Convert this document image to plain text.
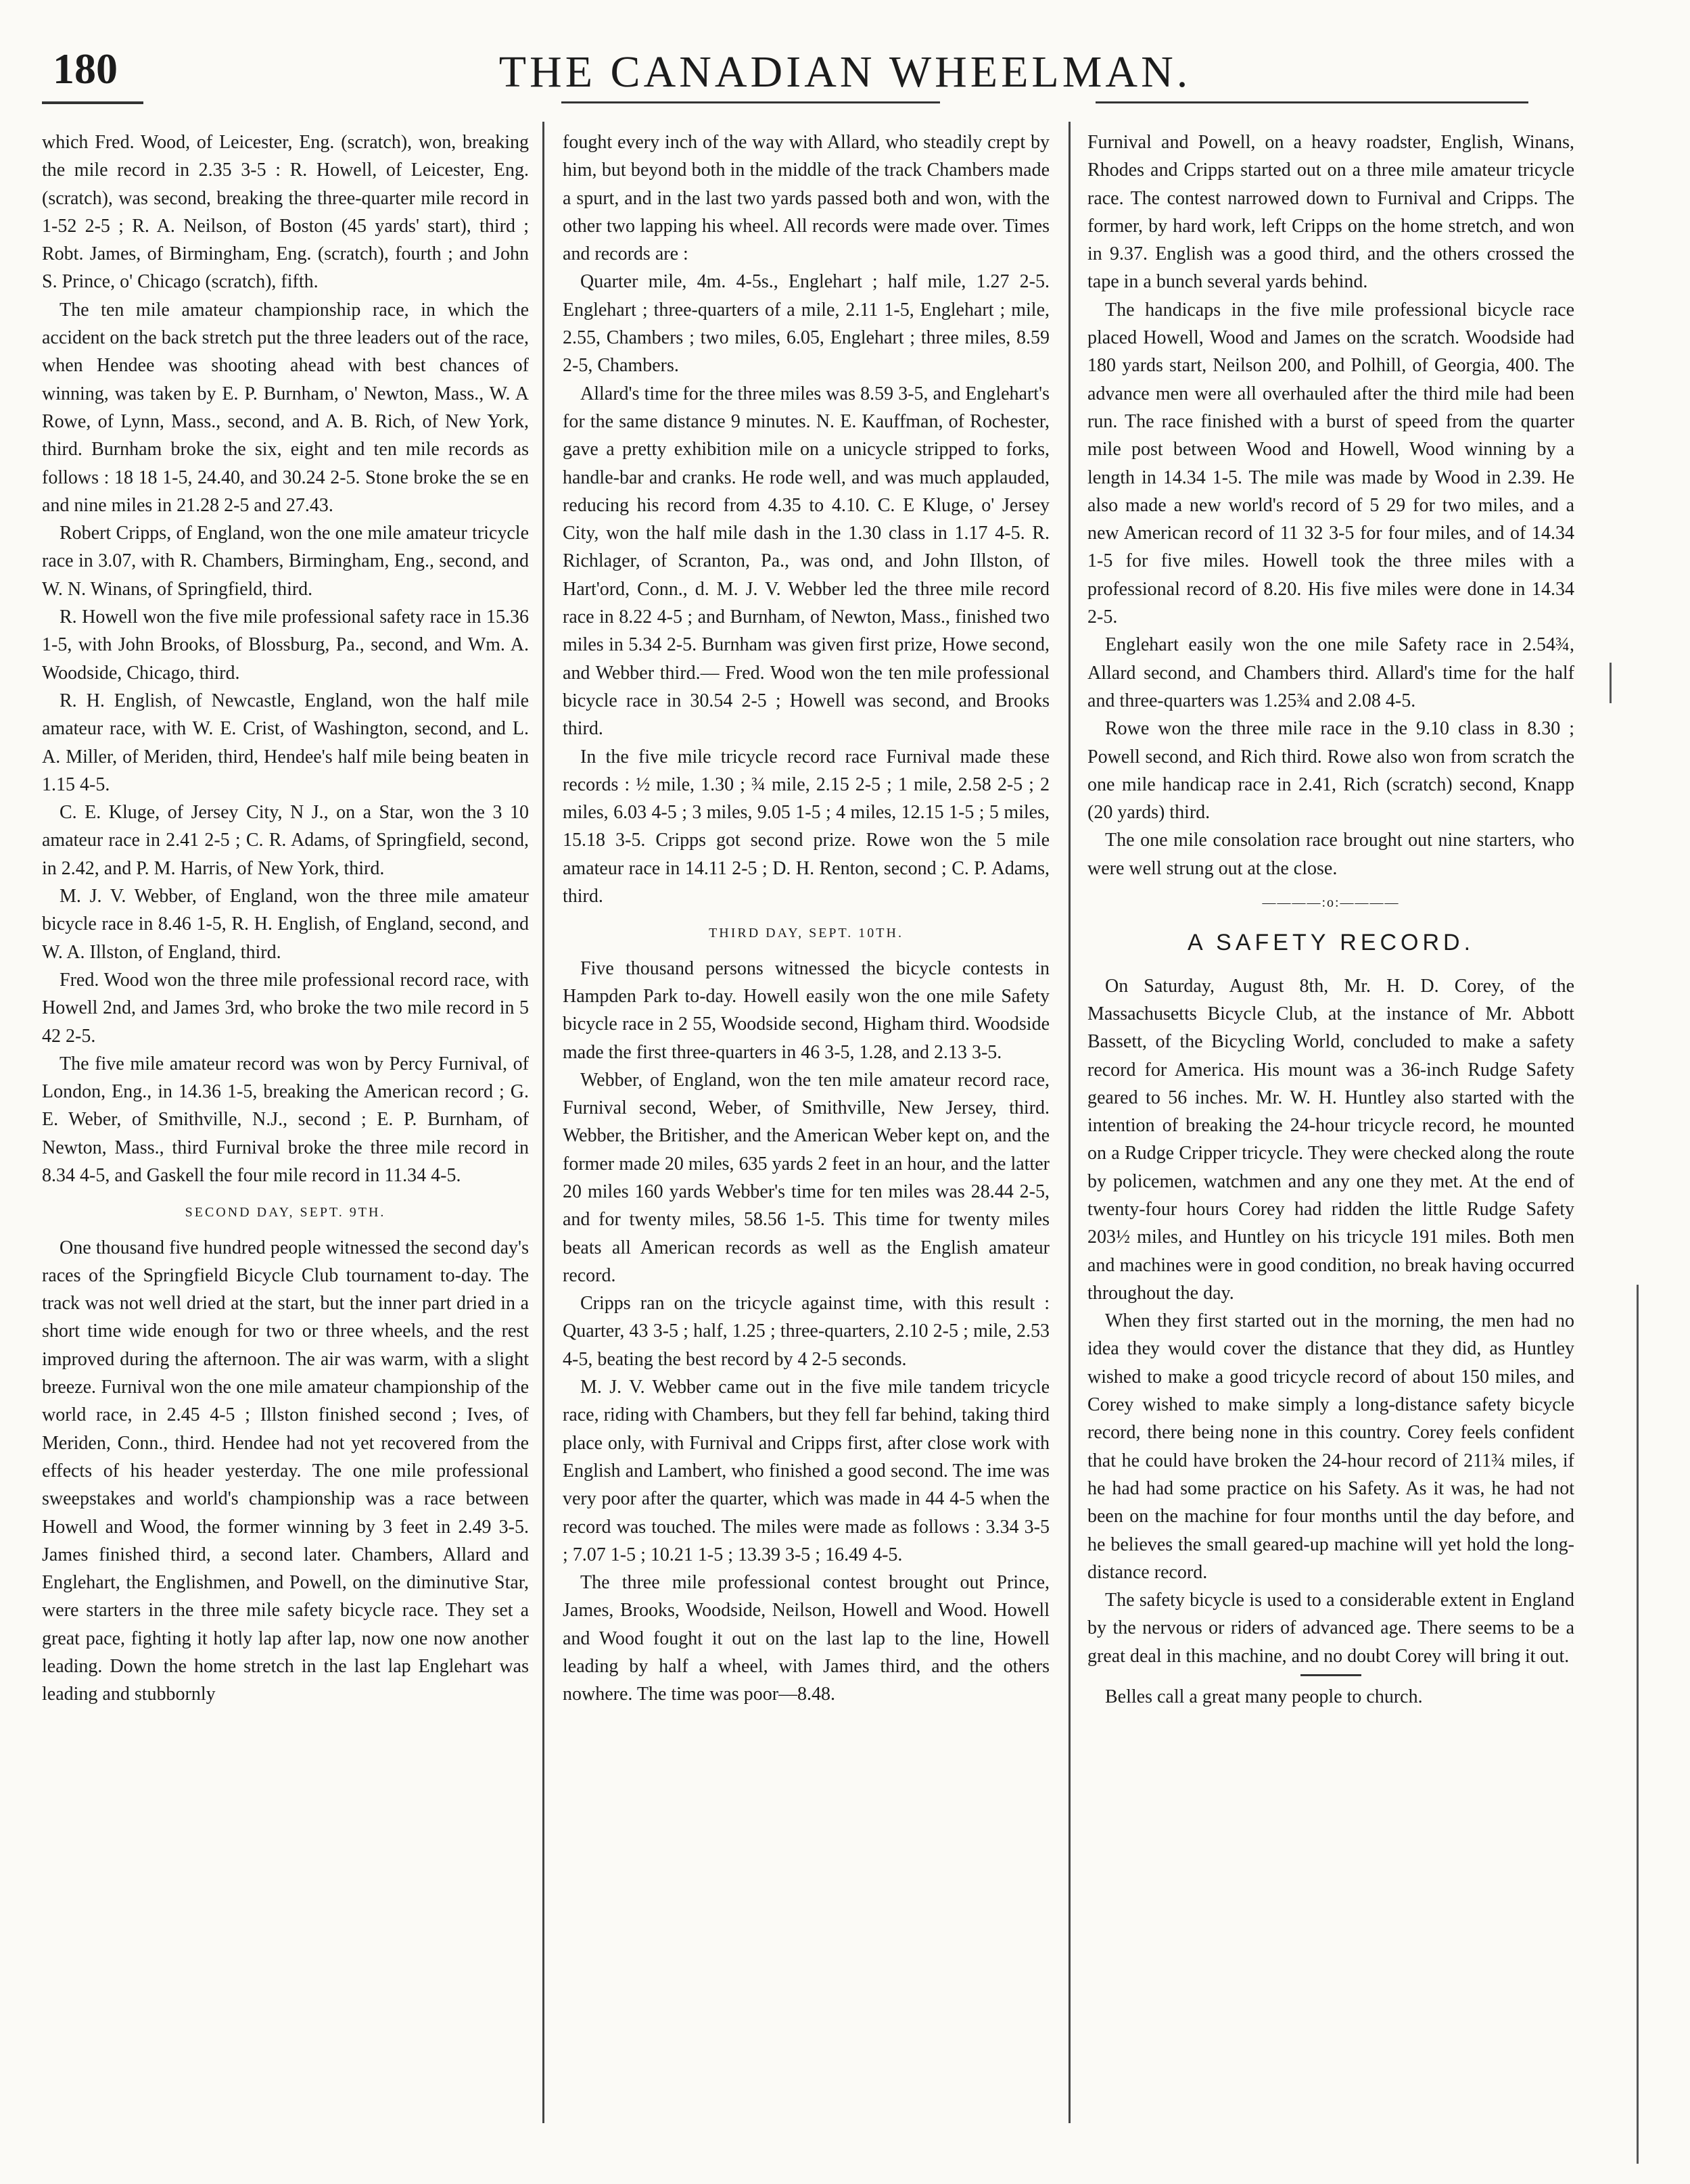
180	THE CANADIAN WHEELMAN.

which Fred. Wood, of Leicester, Eng. (scratch), won, breaking the mile record in 2.35 3-5 : R. Howell, of Leicester, Eng. (scratch), was second, breaking the three-quarter mile record in 1-52 2-5 ; R. A. Neilson, of Boston (45 yards' start), third ; Robt. James, of Birmingham, Eng. (scratch), fourth ; and John S. Prince, o' Chicago (scratch), fifth.

The ten mile amateur championship race, in which the accident on the back stretch put the three leaders out of the race, when Hendee was shooting ahead with best chances of winning, was taken by E. P. Burnham, o' Newton, Mass., W. A Rowe, of Lynn, Mass., second, and A. B. Rich, of New York, third. Burnham broke the six, eight and ten mile records as follows : 18 18 1-5, 24.40, and 30.24 2-5. Stone broke the se en and nine miles in 21.28 2-5 and 27.43.

Robert Cripps, of England, won the one mile amateur tricycle race in 3.07, with R. Chambers, Birmingham, Eng., second, and W. N. Winans, of Springfield, third.

R. Howell won the five mile professional safety race in 15.36 1-5, with John Brooks, of Blossburg, Pa., second, and Wm. A. Woodside, Chicago, third.

R. H. English, of Newcastle, England, won the half mile amateur race, with W. E. Crist, of Washington, second, and L. A. Miller, of Meriden, third, Hendee's half mile being beaten in 1.15 4-5.

C. E. Kluge, of Jersey City, N J., on a Star, won the 3 10 amateur race in 2.41 2-5 ; C. R. Adams, of Springfield, second, in 2.42, and P. M. Harris, of New York, third.

M. J. V. Webber, of England, won the three mile amateur bicycle race in 8.46 1-5, R. H. English, of England, second, and W. A. Illston, of England, third.

Fred. Wood won the three mile professional record race, with Howell 2nd, and James 3rd, who broke the two mile record in 5 42 2-5.

The five mile amateur record was won by Percy Furnival, of London, Eng., in 14.36 1-5, breaking the American record ; G. E. Weber, of Smithville, N.J., second ; E. P. Burnham, of Newton, Mass., third Furnival broke the three mile record in 8.34 4-5, and Gaskell the four mile record in 11.34 4-5.

SECOND DAY, SEPT. 9TH.

One thousand five hundred people witnessed the second day's races of the Springfield Bicycle Club tournament to-day. The track was not well dried at the start, but the inner part dried in a short time wide enough for two or three wheels, and the rest improved during the afternoon. The air was warm, with a slight breeze. Furnival won the one mile amateur championship of the world race, in 2.45 4-5 ; Illston finished second ; Ives, of Meriden, Conn., third. Hendee had not yet recovered from the effects of his header yesterday. The one mile professional sweepstakes and world's championship was a race between Howell and Wood, the former winning by 3 feet in 2.49 3-5. James finished third, a second later. Chambers, Allard and Englehart, the Englishmen, and Powell, on the diminutive Star, were starters in the three mile safety bicycle race. They set a great pace, fighting it hotly lap after lap, now one now another leading. Down the home stretch in the last lap Englehart was leading and stubbornly

fought every inch of the way with Allard, who steadily crept by him, but beyond both in the middle of the track Chambers made a spurt, and in the last two yards passed both and won, with the other two lapping his wheel. All records were made over. Times and records are :

Quarter mile, 4m. 4-5s., Englehart ; half mile, 1.27 2-5. Englehart ; three-quarters of a mile, 2.11 1-5, Englehart ; mile, 2.55, Chambers ; two miles, 6.05, Englehart ; three miles, 8.59 2-5, Chambers.

Allard's time for the three miles was 8.59 3-5, and Englehart's for the same distance 9 minutes. N. E. Kauffman, of Rochester, gave a pretty exhibition mile on a unicycle stripped to forks, handle-bar and cranks. He rode well, and was much applauded, reducing his record from 4.35 to 4.10. C. E Kluge, o' Jersey City, won the half mile dash in the 1.30 class in 1.17 4-5. R. Richlager, of Scranton, Pa., was ond, and John Illston, of Hart'ord, Conn., d. M. J. V. Webber led the three mile record race in 8.22 4-5 ; and Burnham, of Newton, Mass., finished two miles in 5.34 2-5. Burnham was given first prize, Howe second, and Webber third.— Fred. Wood won the ten mile professional bicycle race in 30.54 2-5 ; Howell was second, and Brooks third.

In the five mile tricycle record race Furnival made these records : ½ mile, 1.30 ; ¾ mile, 2.15 2-5 ; 1 mile, 2.58 2-5 ; 2 miles, 6.03 4-5 ; 3 miles, 9.05 1-5 ; 4 miles, 12.15 1-5 ; 5 miles, 15.18 3-5. Cripps got second prize. Rowe won the 5 mile amateur race in 14.11 2-5 ; D. H. Renton, second ; C. P. Adams, third.

THIRD DAY, SEPT. 10TH.

Five thousand persons witnessed the bicycle contests in Hampden Park to-day. Howell easily won the one mile Safety bicycle race in 2 55, Woodside second, Higham third. Woodside made the first three-quarters in 46 3-5, 1.28, and 2.13 3-5.

Webber, of England, won the ten mile amateur record race, Furnival second, Weber, of Smithville, New Jersey, third. Webber, the Britisher, and the American Weber kept on, and the former made 20 miles, 635 yards 2 feet in an hour, and the latter 20 miles 160 yards Webber's time for ten miles was 28.44 2-5, and for twenty miles, 58.56 1-5. This time for twenty miles beats all American records as well as the English amateur record.

Cripps ran on the tricycle against time, with this result : Quarter, 43 3-5 ; half, 1.25 ; three-quarters, 2.10 2-5 ; mile, 2.53 4-5, beating the best record by 4 2-5 seconds.

M. J. V. Webber came out in the five mile tandem tricycle race, riding with Chambers, but they fell far behind, taking third place only, with Furnival and Cripps first, after close work with English and Lambert, who finished a good second. The ime was very poor after the quarter, which was made in 44 4-5 when the record was touched. The miles were made as follows : 3.34 3-5 ; 7.07 1-5 ; 10.21 1-5 ; 13.39 3-5 ; 16.49 4-5.

The three mile professional contest brought out Prince, James, Brooks, Woodside, Neilson, Howell and Wood. Howell and Wood fought it out on the last lap to the line, Howell leading by half a wheel, with James third, and the others nowhere. The time was poor—8.48.

Furnival and Powell, on a heavy roadster, English, Winans, Rhodes and Cripps started out on a three mile amateur tricycle race. The contest narrowed down to Furnival and Cripps. The former, by hard work, left Cripps on the home stretch, and won in 9.37. English was a good third, and the others crossed the tape in a bunch several yards behind.

The handicaps in the five mile professional bicycle race placed Howell, Wood and James on the scratch. Woodside had 180 yards start, Neilson 200, and Polhill, of Georgia, 400. The advance men were all overhauled after the third mile had been run. The race finished with a burst of speed from the quarter mile post between Wood and Howell, Wood winning by a length in 14.34 1-5. The mile was made by Wood in 2.39. He also made a new world's record of 5 29 for two miles, and a new American record of 11 32 3-5 for four miles, and of 14.34 1-5 for five miles. Howell took the three miles with a professional record of 8.20. His five miles were done in 14.34 2-5.

Englehart easily won the one mile Safety race in 2.54¾, Allard second, and Chambers third. Allard's time for the half and three-quarters was 1.25¾ and 2.08 4-5.

Rowe won the three mile race in the 9.10 class in 8.30 ; Powell second, and Rich third. Rowe also won from scratch the one mile handicap race in 2.41, Rich (scratch) second, Knapp (20 yards) third.

The one mile consolation race brought out nine starters, who were well strung out at the close.

————:o:————
A SAFETY RECORD.

On Saturday, August 8th, Mr. H. D. Corey, of the Massachusetts Bicycle Club, at the instance of Mr. Abbott Bassett, of the Bicycling World, concluded to make a safety record for America. His mount was a 36-inch Rudge Safety geared to 56 inches. Mr. W. H. Huntley also started with the intention of breaking the 24-hour tricycle record, he mounted on a Rudge Cripper tricycle. They were checked along the route by policemen, watchmen and any one they met. At the end of twenty-four hours Corey had ridden the little Rudge Safety 203½ miles, and Huntley on his tricycle 191 miles. Both men and machines were in good condition, no break having occurred throughout the day.

When they first started out in the morning, the men had no idea they would cover the distance that they did, as Huntley wished to make a good tricycle record of about 150 miles, and Corey wished to make simply a long-distance safety bicycle record, there being none in this country. Corey feels confident that he could have broken the 24-hour record of 211¾ miles, if he had had some practice on his Safety. As it was, he had not been on the machine for four months until the day before, and he believes the small geared-up machine will yet hold the long-distance record.

The safety bicycle is used to a considerable extent in England by the nervous or riders of advanced age. There seems to be a great deal in this machine, and no doubt Corey will bring it out.

Belles call a great many people to church.
